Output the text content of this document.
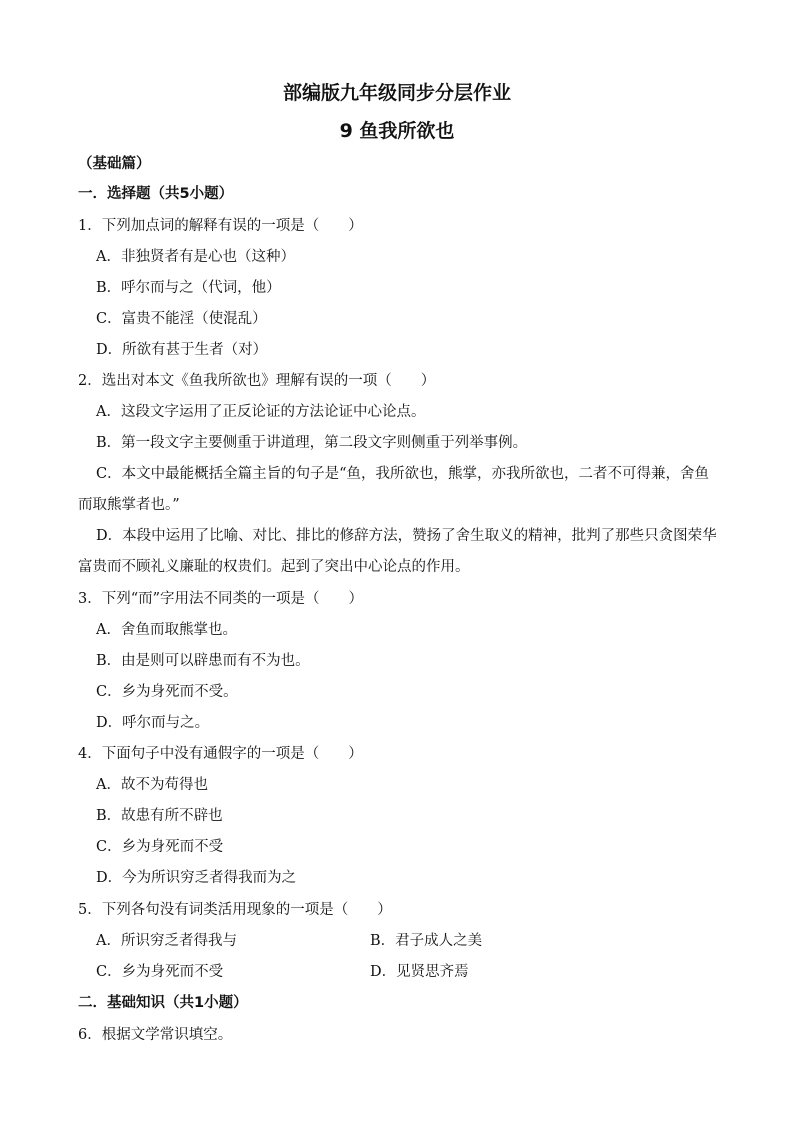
部编版九年级同步分层作业
9 鱼我所欲也
（基础篇）
一．选择题（共5小题）
1．下列加点词的解释有误的一项是（　　）
A．非独贤者有是心也（这种）
B．呼尔而与之（代词，他）
C．富贵不能淫（使混乱）
D．所欲有甚于生者（对）
2．选出对本文《鱼我所欲也》理解有误的一项（　　）
A．这段文字运用了正反论证的方法论证中心论点。
B．第一段文字主要侧重于讲道理，第二段文字则侧重于列举事例。
C．本文中最能概括全篇主旨的句子是“鱼，我所欲也，熊掌，亦我所欲也，二者不可得兼，舍鱼而取熊掌者也。”
D．本段中运用了比喻、对比、排比的修辞方法，赞扬了舍生取义的精神，批判了那些只贪图荣华富贵而不顾礼义廉耻的权贵们。起到了突出中心论点的作用。
3．下列“而”字用法不同类的一项是（　　）
A．舍鱼而取熊掌也。
B．由是则可以辟患而有不为也。
C．乡为身死而不受。
D．呼尔而与之。
4．下面句子中没有通假字的一项是（　　）
A．故不为苟得也
B．故患有所不辟也
C．乡为身死而不受
D．今为所识穷乏者得我而为之
5．下列各句没有词类活用现象的一项是（　　）
A．所识穷乏者得我与	B．君子成人之美
C．乡为身死而不受	D．见贤思齐焉
二．基础知识（共1小题）
6．根据文学常识填空。
